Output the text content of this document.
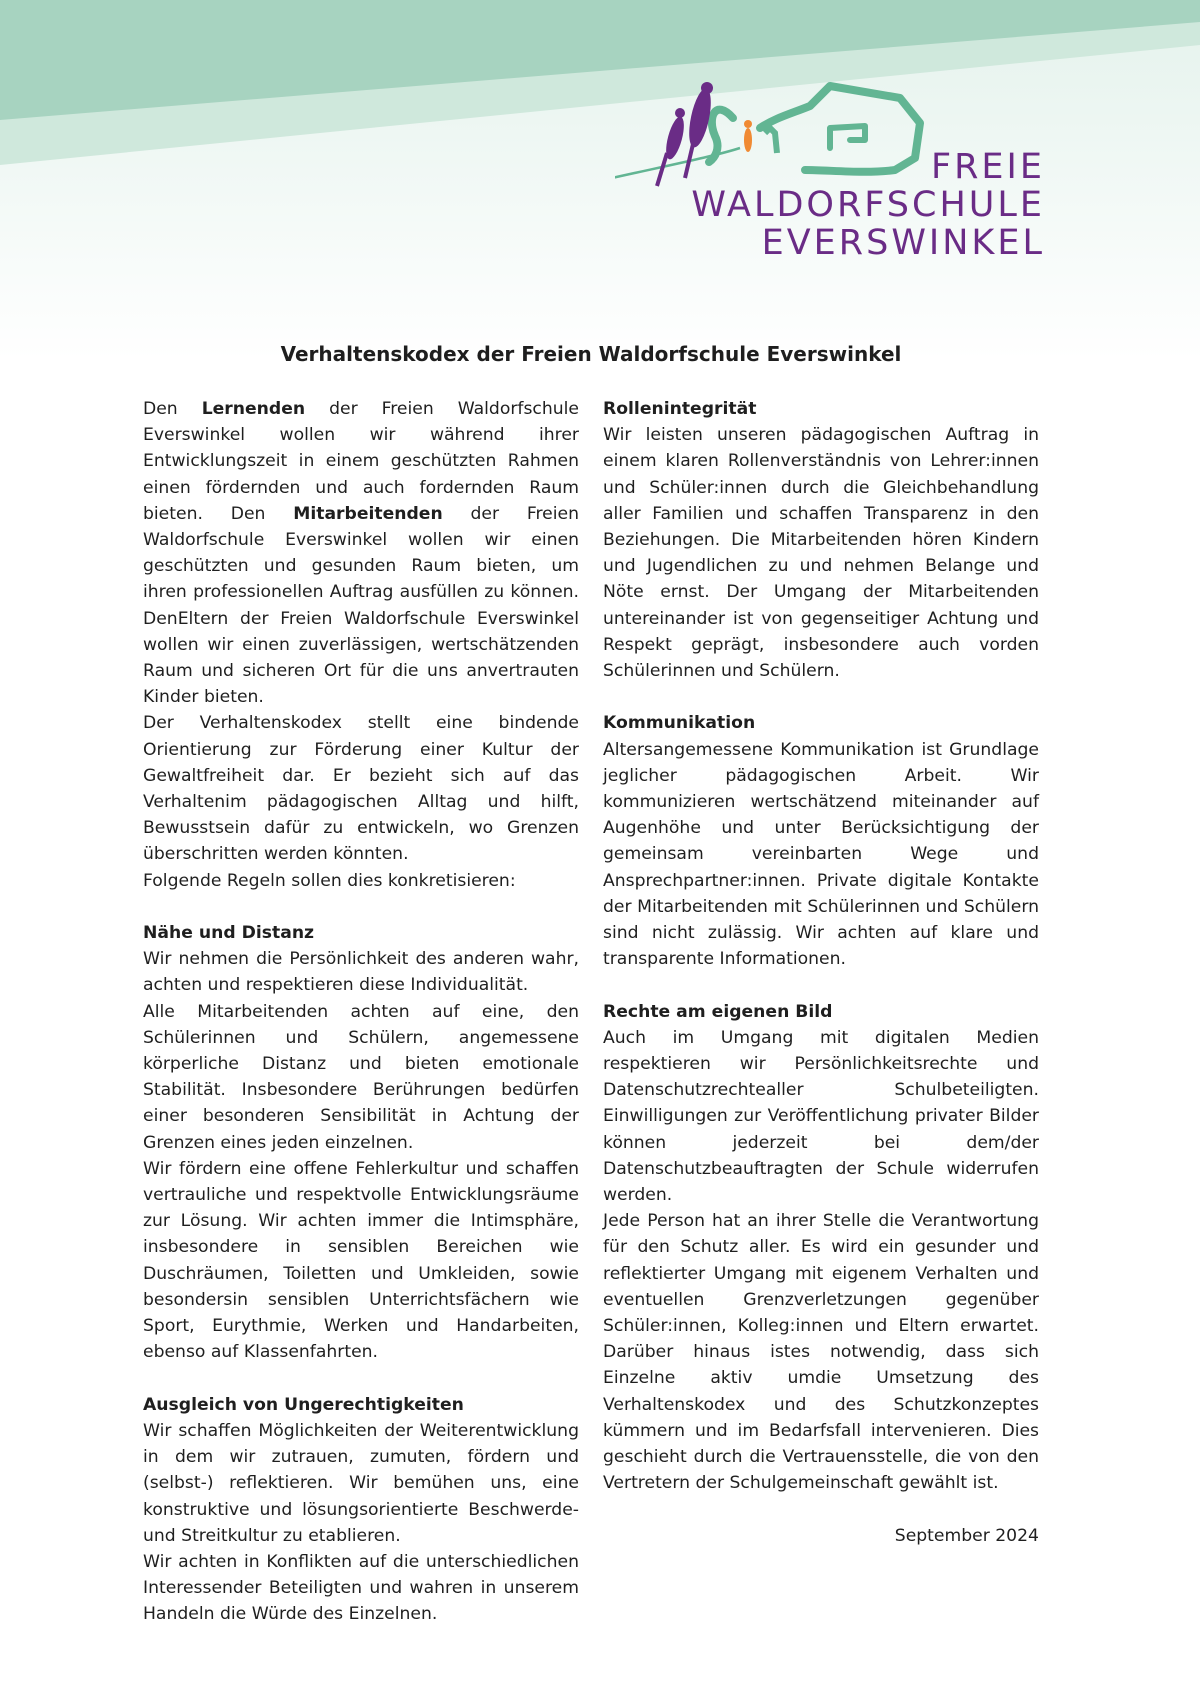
FREIE
WALDORFSCHULE
EVERSWINKEL
Verhaltenskodex der Freien Waldorfschule Everswinkel

Den Lernenden der Freien Waldorfschule Everswinkel wollen wir während ihrer Entwicklungszeit in einem geschützten Rahmen einen fördernden und auch fordernden Raum bieten. Den Mitarbeitenden der Freien Waldorfschule Everswinkel wollen wir einen geschützten und gesunden Raum bieten, um ihren professionellen Auftrag ausfüllen zu können. DenEltern der Freien Waldorfschule Everswinkel wollen wir einen zuverlässigen, wertschätzenden Raum und sicheren Ort für die uns anvertrauten Kinder bieten.

Der Verhaltenskodex stellt eine bindende Orientierung zur Förderung einer Kultur der Gewaltfreiheit dar. Er bezieht sich auf das Verhaltenim pädagogischen Alltag und hilft, Bewusstsein dafür zu entwickeln, wo Grenzen überschritten werden könnten.

Folgende Regeln sollen dies konkretisieren:

Nähe und Distanz

Wir nehmen die Persönlichkeit des anderen wahr, achten und respektieren diese Individualität.

Alle Mitarbeitenden achten auf eine, den Schülerinnen und Schülern, angemessene körperliche Distanz und bieten emotionale Stabilität. Insbesondere Berührungen bedürfen einer besonderen Sensibilität in Achtung der Grenzen eines jeden einzelnen.

Wir fördern eine offene Fehlerkultur und schaffen vertrauliche und respektvolle Entwicklungsräume zur Lösung. Wir achten immer die Intimsphäre, insbesondere in sensiblen Bereichen wie Duschräumen, Toiletten und Umkleiden, sowie besondersin sensiblen Unterrichtsfächern wie Sport, Eurythmie, Werken und Handarbeiten, ebenso auf Klassenfahrten.

Ausgleich von Ungerechtigkeiten

Wir schaffen Möglichkeiten der Weiterentwicklung in dem wir zutrauen, zumuten, fördern und (selbst-) reflektieren. Wir bemühen uns, eine konstruktive und lösungsorientierte Beschwerde-und Streitkultur zu etablieren.

Wir achten in Konflikten auf die unterschiedlichen Interessender Beteiligten und wahren in unserem Handeln die Würde des Einzelnen.

Rollenintegrität

Wir leisten unseren pädagogischen Auftrag in einem klaren Rollenverständnis von Lehrer:innen und Schüler:innen durch die Gleichbehandlung aller Familien und schaffen Transparenz in den Beziehungen. Die Mitarbeitenden hören Kindern und Jugendlichen zu und nehmen Belange und Nöte ernst. Der Umgang der Mitarbeitenden untereinander ist von gegenseitiger Achtung und Respekt geprägt, insbesondere auch vorden Schülerinnen und Schülern.

Kommunikation

Altersangemessene Kommunikation ist Grundlage jeglicher pädagogischen Arbeit. Wir kommunizieren wertschätzend miteinander auf Augenhöhe und unter Berücksichtigung der gemeinsam vereinbarten Wege und Ansprechpartner:innen. Private digitale Kontakte der Mitarbeitenden mit Schülerinnen und Schülern sind nicht zulässig. Wir achten auf klare und transparente Informationen.

Rechte am eigenen Bild

Auch im Umgang mit digitalen Medien respektieren wir Persönlichkeitsrechte und Datenschutzrechtealler Schulbeteiligten. Einwilligungen zur Veröffentlichung privater Bilder können jederzeit bei dem/der Datenschutzbeauftragten der Schule widerrufen werden.

Jede Person hat an ihrer Stelle die Verantwortung für den Schutz aller. Es wird ein gesunder und reflektierter Umgang mit eigenem Verhalten und eventuellen Grenzverletzungen gegenüber Schüler:innen, Kolleg:innen und Eltern erwartet. Darüber hinaus istes notwendig, dass sich Einzelne aktiv umdie Umsetzung des Verhaltenskodex und des Schutzkonzeptes kümmern und im Bedarfsfall intervenieren. Dies geschieht durch die Vertrauensstelle, die von den Vertretern der Schulgemeinschaft gewählt ist.

September 2024
